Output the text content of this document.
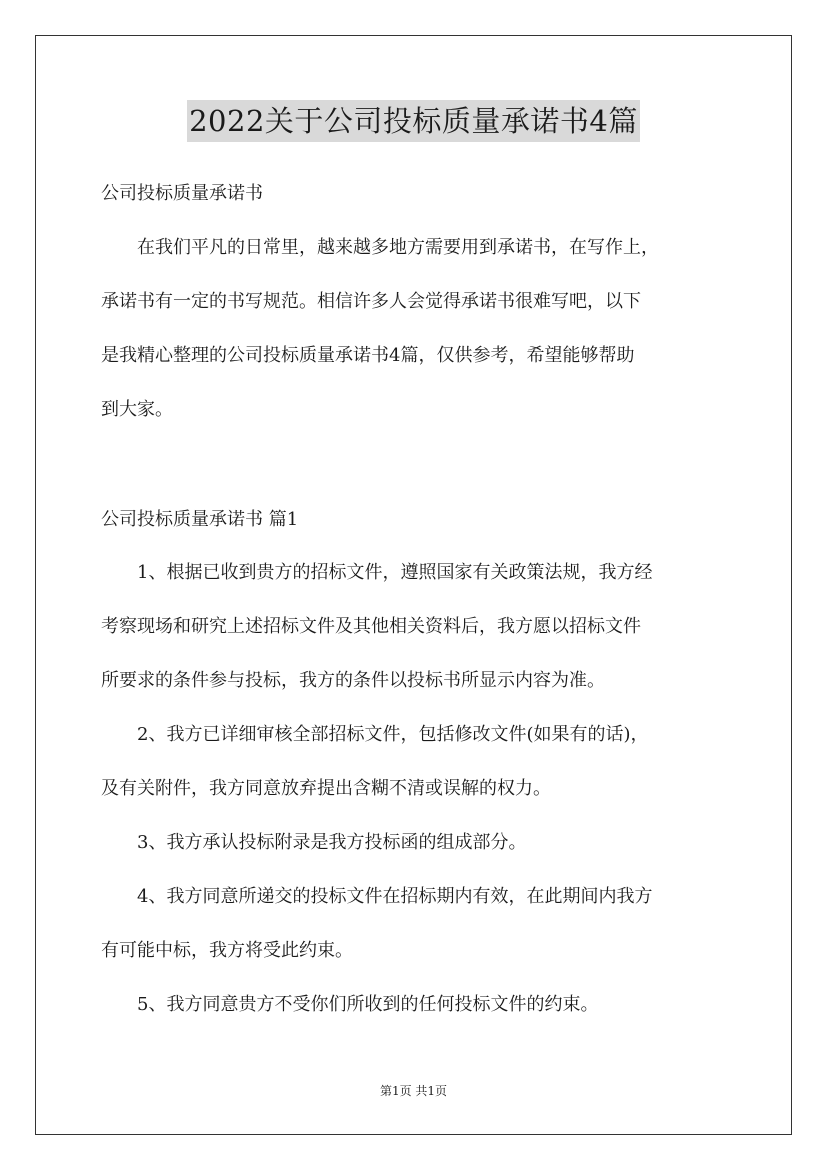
2022关于公司投标质量承诺书4篇
公司投标质量承诺书
在我们平凡的日常里，越来越多地方需要用到承诺书，在写作上，
承诺书有一定的书写规范。相信许多人会觉得承诺书很难写吧，以下
是我精心整理的公司投标质量承诺书4篇，仅供参考，希望能够帮助
到大家。
公司投标质量承诺书 篇1
1、根据已收到贵方的招标文件，遵照国家有关政策法规，我方经
考察现场和研究上述招标文件及其他相关资料后，我方愿以招标文件
所要求的条件参与投标，我方的条件以投标书所显示内容为准。
2、我方已详细审核全部招标文件，包括修改文件(如果有的话)，
及有关附件，我方同意放弃提出含糊不清或误解的权力。
3、我方承认投标附录是我方投标函的组成部分。
4、我方同意所递交的投标文件在招标期内有效，在此期间内我方
有可能中标，我方将受此约束。
5、我方同意贵方不受你们所收到的任何投标文件的约束。
第1页 共1页
